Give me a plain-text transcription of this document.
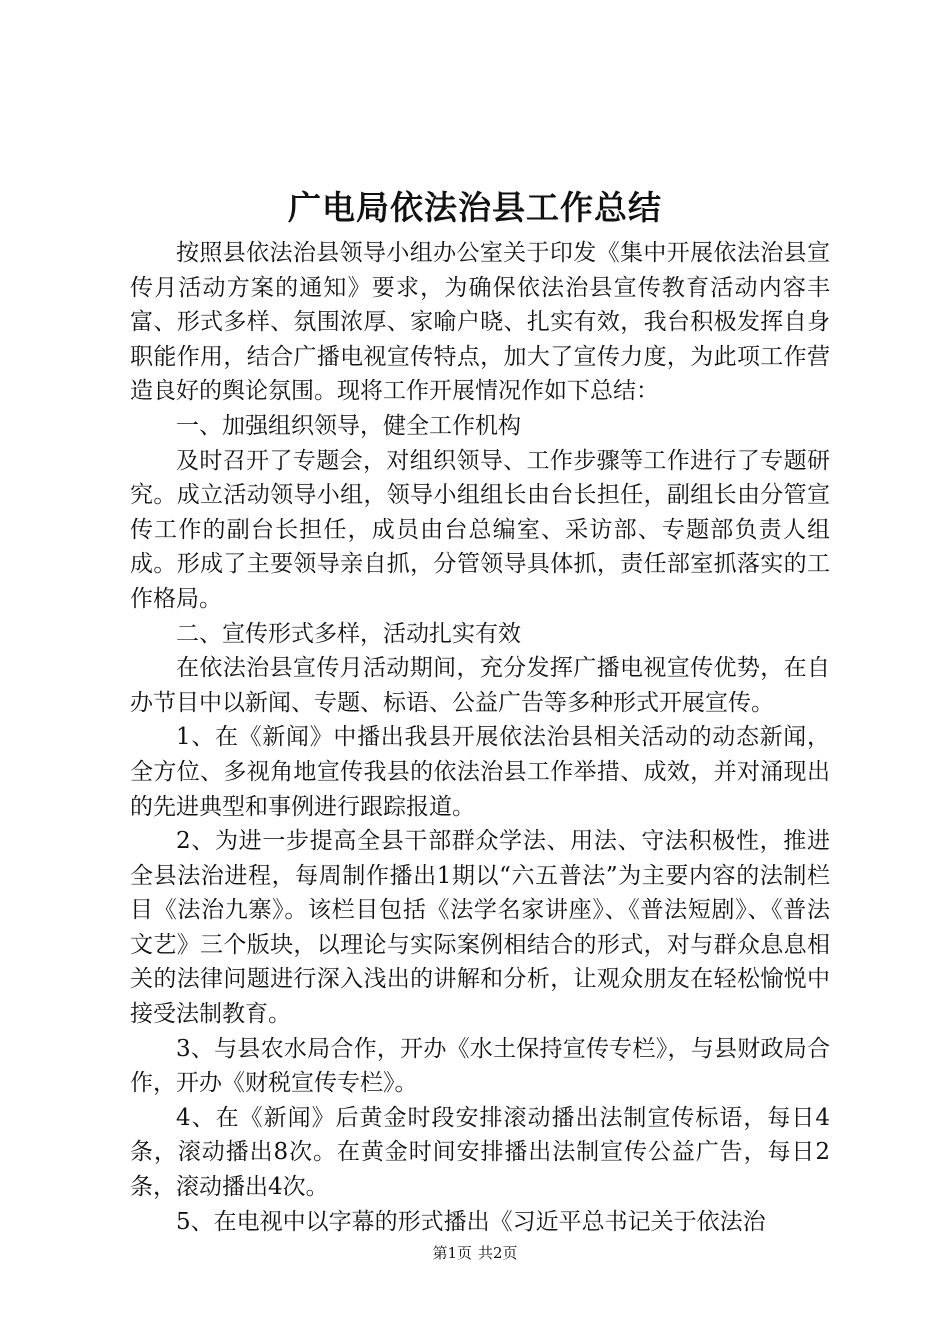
广电局依法治县工作总结

按照县依法治县领导小组办公室关于印发《集中开展依法治县宣传月活动方案的通知》要求，为确保依法治县宣传教育活动内容丰富、形式多样、氛围浓厚、家喻户晓、扎实有效，我台积极发挥自身职能作用，结合广播电视宣传特点，加大了宣传力度，为此项工作营造良好的舆论氛围。现将工作开展情况作如下总结：

一、加强组织领导，健全工作机构

及时召开了专题会，对组织领导、工作步骤等工作进行了专题研究。成立活动领导小组，领导小组组长由台长担任，副组长由分管宣传工作的副台长担任，成员由台总编室、采访部、专题部负责人组成。形成了主要领导亲自抓，分管领导具体抓，责任部室抓落实的工作格局。

二、宣传形式多样，活动扎实有效

在依法治县宣传月活动期间，充分发挥广播电视宣传优势，在自办节目中以新闻、专题、标语、公益广告等多种形式开展宣传。

1、在《新闻》中播出我县开展依法治县相关活动的动态新闻，全方位、多视角地宣传我县的依法治县工作举措、成效，并对涌现出的先进典型和事例进行跟踪报道。

2、为进一步提高全县干部群众学法、用法、守法积极性，推进全县法治进程，每周制作播出1期以“六五普法”为主要内容的法制栏目《法治九寨》。该栏目包括《法学名家讲座》、《普法短剧》、《普法文艺》三个版块，以理论与实际案例相结合的形式，对与群众息息相关的法律问题进行深入浅出的讲解和分析，让观众朋友在轻松愉悦中接受法制教育。

3、与县农水局合作，开办《水土保持宣传专栏》，与县财政局合作，开办《财税宣传专栏》。

4、在《新闻》后黄金时段安排滚动播出法制宣传标语，每日4条，滚动播出8次。在黄金时间安排播出法制宣传公益广告，每日2条，滚动播出4次。

5、在电视中以字幕的形式播出《习近平总书记关于依法治

第1页 共2页
